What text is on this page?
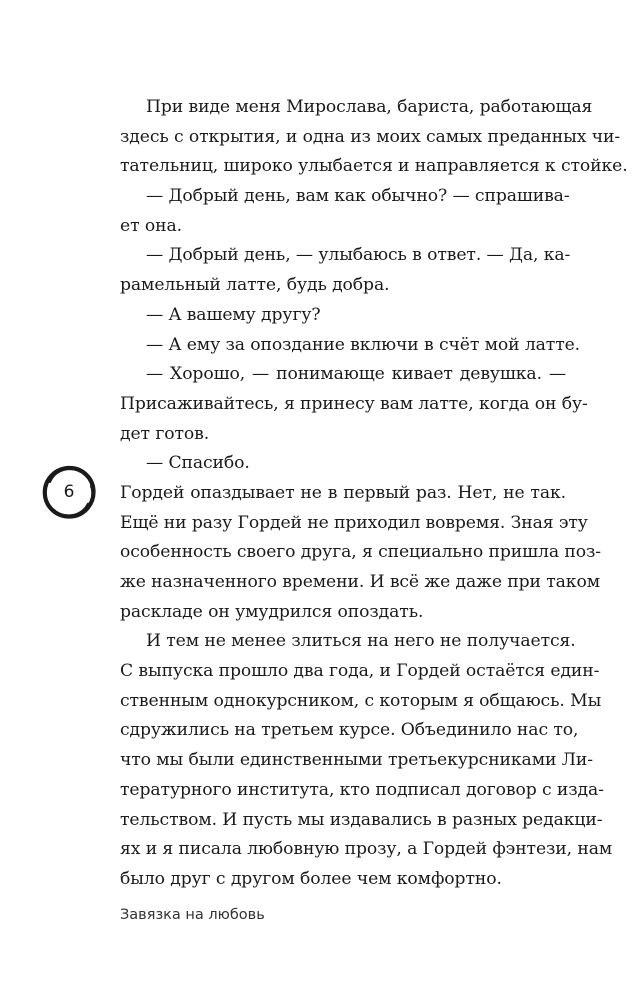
При виде меня Мирослава, бариста, работающая
здесь с открытия, и одна из моих самых преданных чи-
тательниц, широко улыбается и направляется к стойке.
— Добрый день, вам как обычно? — спрашива-
ет она.
— Добрый день, — улыбаюсь в ответ. — Да, ка-
рамельный латте, будь добра.
— А вашему другу?
— А ему за опоздание включи в счёт мой латте.
— Хорошо, — понимающе кивает девушка. —
Присаживайтесь, я принесу вам латте, когда он бу-
дет готов.
— Спасибо.
Гордей опаздывает не в первый раз. Нет, не так.
Ещё ни разу Гордей не приходил вовремя. Зная эту
особенность своего друга, я специально пришла поз-
же назначенного времени. И всё же даже при таком
раскладе он умудрился опоздать.
И тем не менее злиться на него не получается.
С выпуска прошло два года, и Гордей остаётся един-
ственным однокурсником, с которым я общаюсь. Мы
сдружились на третьем курсе. Объединило нас то,
что мы были единственными третьекурсниками Ли-
тературного института, кто подписал договор с изда-
тельством. И пусть мы издавались в разных редакци-
ях и я писала любовную прозу, а Гордей фэнтези, нам
было друг с другом более чем комфортно.
6
Завязка на любовь
